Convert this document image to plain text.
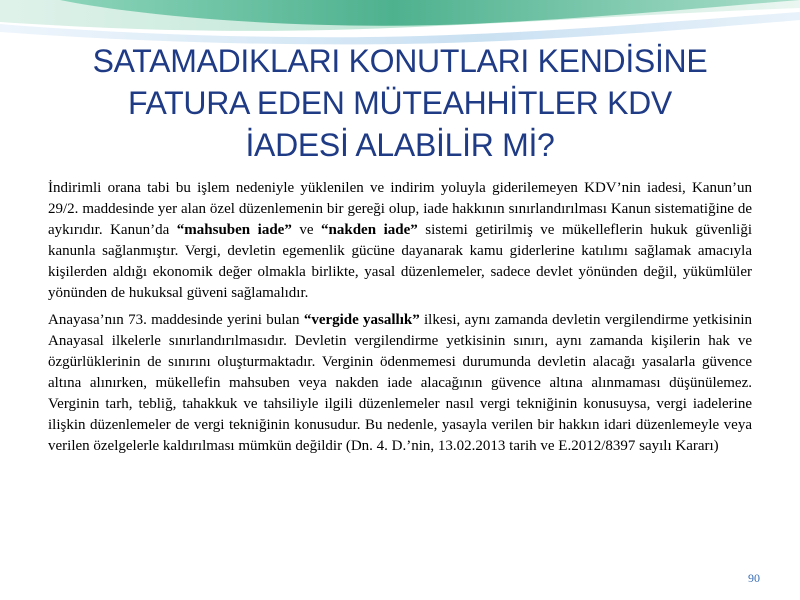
SATAMADIKLARI KONUTLARI KENDİSİNE
FATURA EDEN MÜTEAHHİTLER KDV
İADESİ ALABİLİR Mİ?

İndirimli orana tabi bu işlem nedeniyle yüklenilen ve indirim yoluyla giderilemeyen KDV’nin iadesi, Kanun’un 29/2. maddesinde yer alan özel düzenlemenin bir gereği olup, iade hakkının sınırlandırılması Kanun sistematiğine de aykırıdır. Kanun’da “mahsuben iade” ve “nakden iade” sistemi getirilmiş ve mükelleflerin hukuk güvenliği kanunla sağlanmıştır. Vergi, devletin egemenlik gücüne dayanarak kamu giderlerine katılımı sağlamak amacıyla kişilerden aldığı ekonomik değer olmakla birlikte, yasal düzenlemeler, sadece devlet yönünden değil, yükümlüler yönünden de hukuksal güveni sağlamalıdır.

Anayasa’nın 73. maddesinde yerini bulan “vergide yasallık” ilkesi, aynı zamanda devletin vergilendirme yetkisinin Anayasal ilkelerle sınırlandırılmasıdır. Devletin vergilendirme yetkisinin sınırı, aynı zamanda kişilerin hak ve özgürlüklerinin de sınırını oluşturmaktadır. Verginin ödenmemesi durumunda devletin alacağı yasalarla güvence altına alınırken, mükellefin mahsuben veya nakden iade alacağının güvence altına alınmaması düşünülemez. Verginin tarh, tebliğ, tahakkuk ve tahsiliyle ilgili düzenlemeler nasıl vergi tekniğinin konusuysa, vergi iadelerine ilişkin düzenlemeler de vergi tekniğinin konusudur. Bu nedenle, yasayla verilen bir hakkın idari düzenlemeyle veya verilen özelgelerle kaldırılması mümkün değildir (Dn. 4. D.’nin, 13.02.2013 tarih ve E.2012/8397 sayılı Kararı)

90
